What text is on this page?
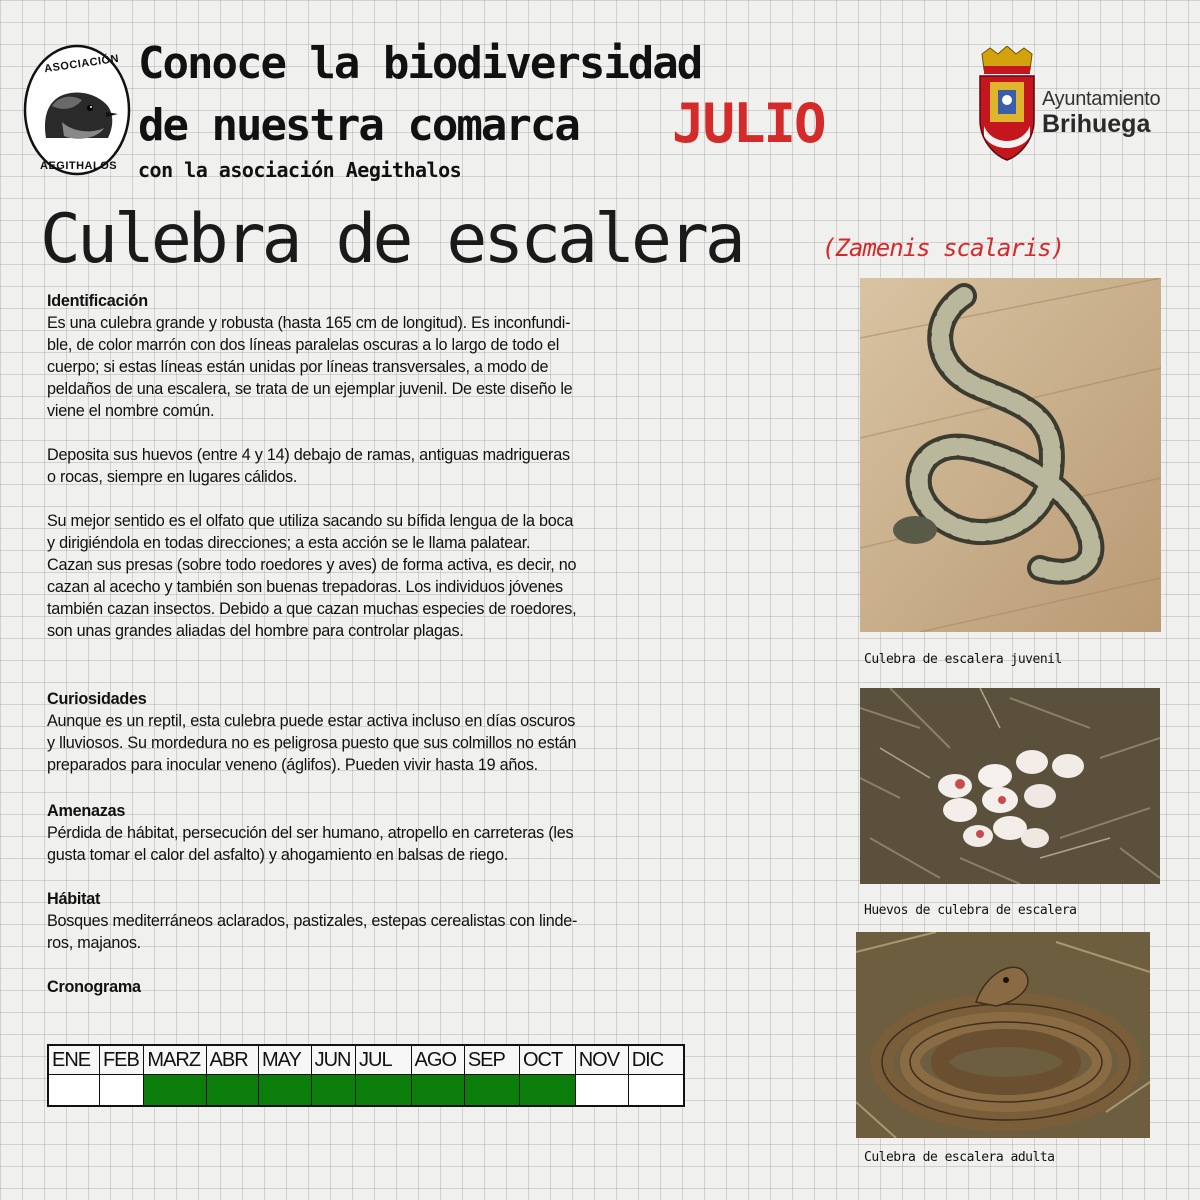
ASOCIACIÓN
AEGITHALOS
Conoce la biodiversidad
de nuestra comarca JULIO
con la asociación Aegithalos
Ayuntamiento
Brihuega
Culebra de escalera	(Zamenis scalaris)

Identificación

Es una culebra grande y robusta (hasta 165 cm de longitud). Es inconfundi-

ble, de color marrón con dos líneas paralelas oscuras a lo largo de todo el

cuerpo; si estas líneas están unidas por líneas transversales, a modo de

peldaños de una escalera, se trata de un ejemplar juvenil. De este diseño le

viene el nombre común.

Deposita sus huevos (entre 4 y 14) debajo de ramas, antiguas madrigueras

o rocas, siempre en lugares cálidos.

Su mejor sentido es el olfato que utiliza sacando su bífida lengua de la boca

y dirigiéndola en todas direcciones; a esta acción se le llama palatear.

Cazan sus presas (sobre todo roedores y aves) de forma activa, es decir, no

cazan al acecho y también son buenas trepadoras. Los individuos jóvenes

también cazan insectos. Debido a que cazan muchas especies de roedores,

son unas grandes aliadas del hombre para controlar plagas.

Curiosidades

Aunque es un reptil, esta culebra puede estar activa incluso en días oscuros

y lluviosos. Su mordedura no es peligrosa puesto que sus colmillos no están

preparados para inocular veneno (áglifos). Pueden vivir hasta 19 años.

Amenazas

Pérdida de hábitat, persecución del ser humano, atropello en carreteras (les

gusta tomar el calor del asfalto) y ahogamiento en balsas de riego.

Hábitat

Bosques mediterráneos aclarados, pastizales, estepas cerealistas con linde-

ros, majanos.

Cronograma

ENE	FEB	MARZ	ABR	MAY	JUN	JUL	AGO	SEP	OCT	NOV	DIC

Culebra de escalera juvenil
Huevos de culebra de escalera
Culebra de escalera adulta
